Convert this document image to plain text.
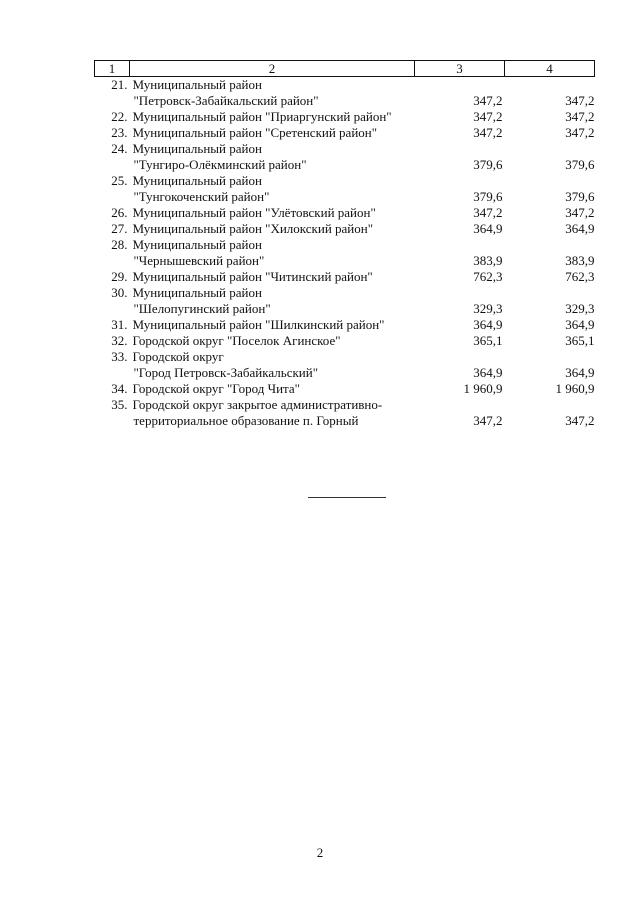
1	2	3	4
21.	Муниципальный район
"Петровск-Забайкальский район"	347,2	347,2
22.	Муниципальный район "Приаргунский район"	347,2	347,2
23.	Муниципальный район "Сретенский район"	347,2	347,2
24.	Муниципальный район
"Тунгиро-Олёкминский район"	379,6	379,6
25.	Муниципальный район
"Тунгокоченский район"	379,6	379,6
26.	Муниципальный район "Улётовский район"	347,2	347,2
27.	Муниципальный район "Хилокский район"	364,9	364,9
28.	Муниципальный район
"Чернышевский район"	383,9	383,9
29.	Муниципальный район "Читинский район"	762,3	762,3
30.	Муниципальный район
"Шелопугинский район"	329,3	329,3
31.	Муниципальный район "Шилкинский район"	364,9	364,9
32.	Городской округ "Поселок Агинское"	365,1	365,1
33.	Городской округ
"Город Петровск-Забайкальский"	364,9	364,9
34.	Городской округ "Город Чита"	1 960,9	1 960,9
35.	Городской округ закрытое административно-
территориальное образование п. Горный	347,2	347,2
2
